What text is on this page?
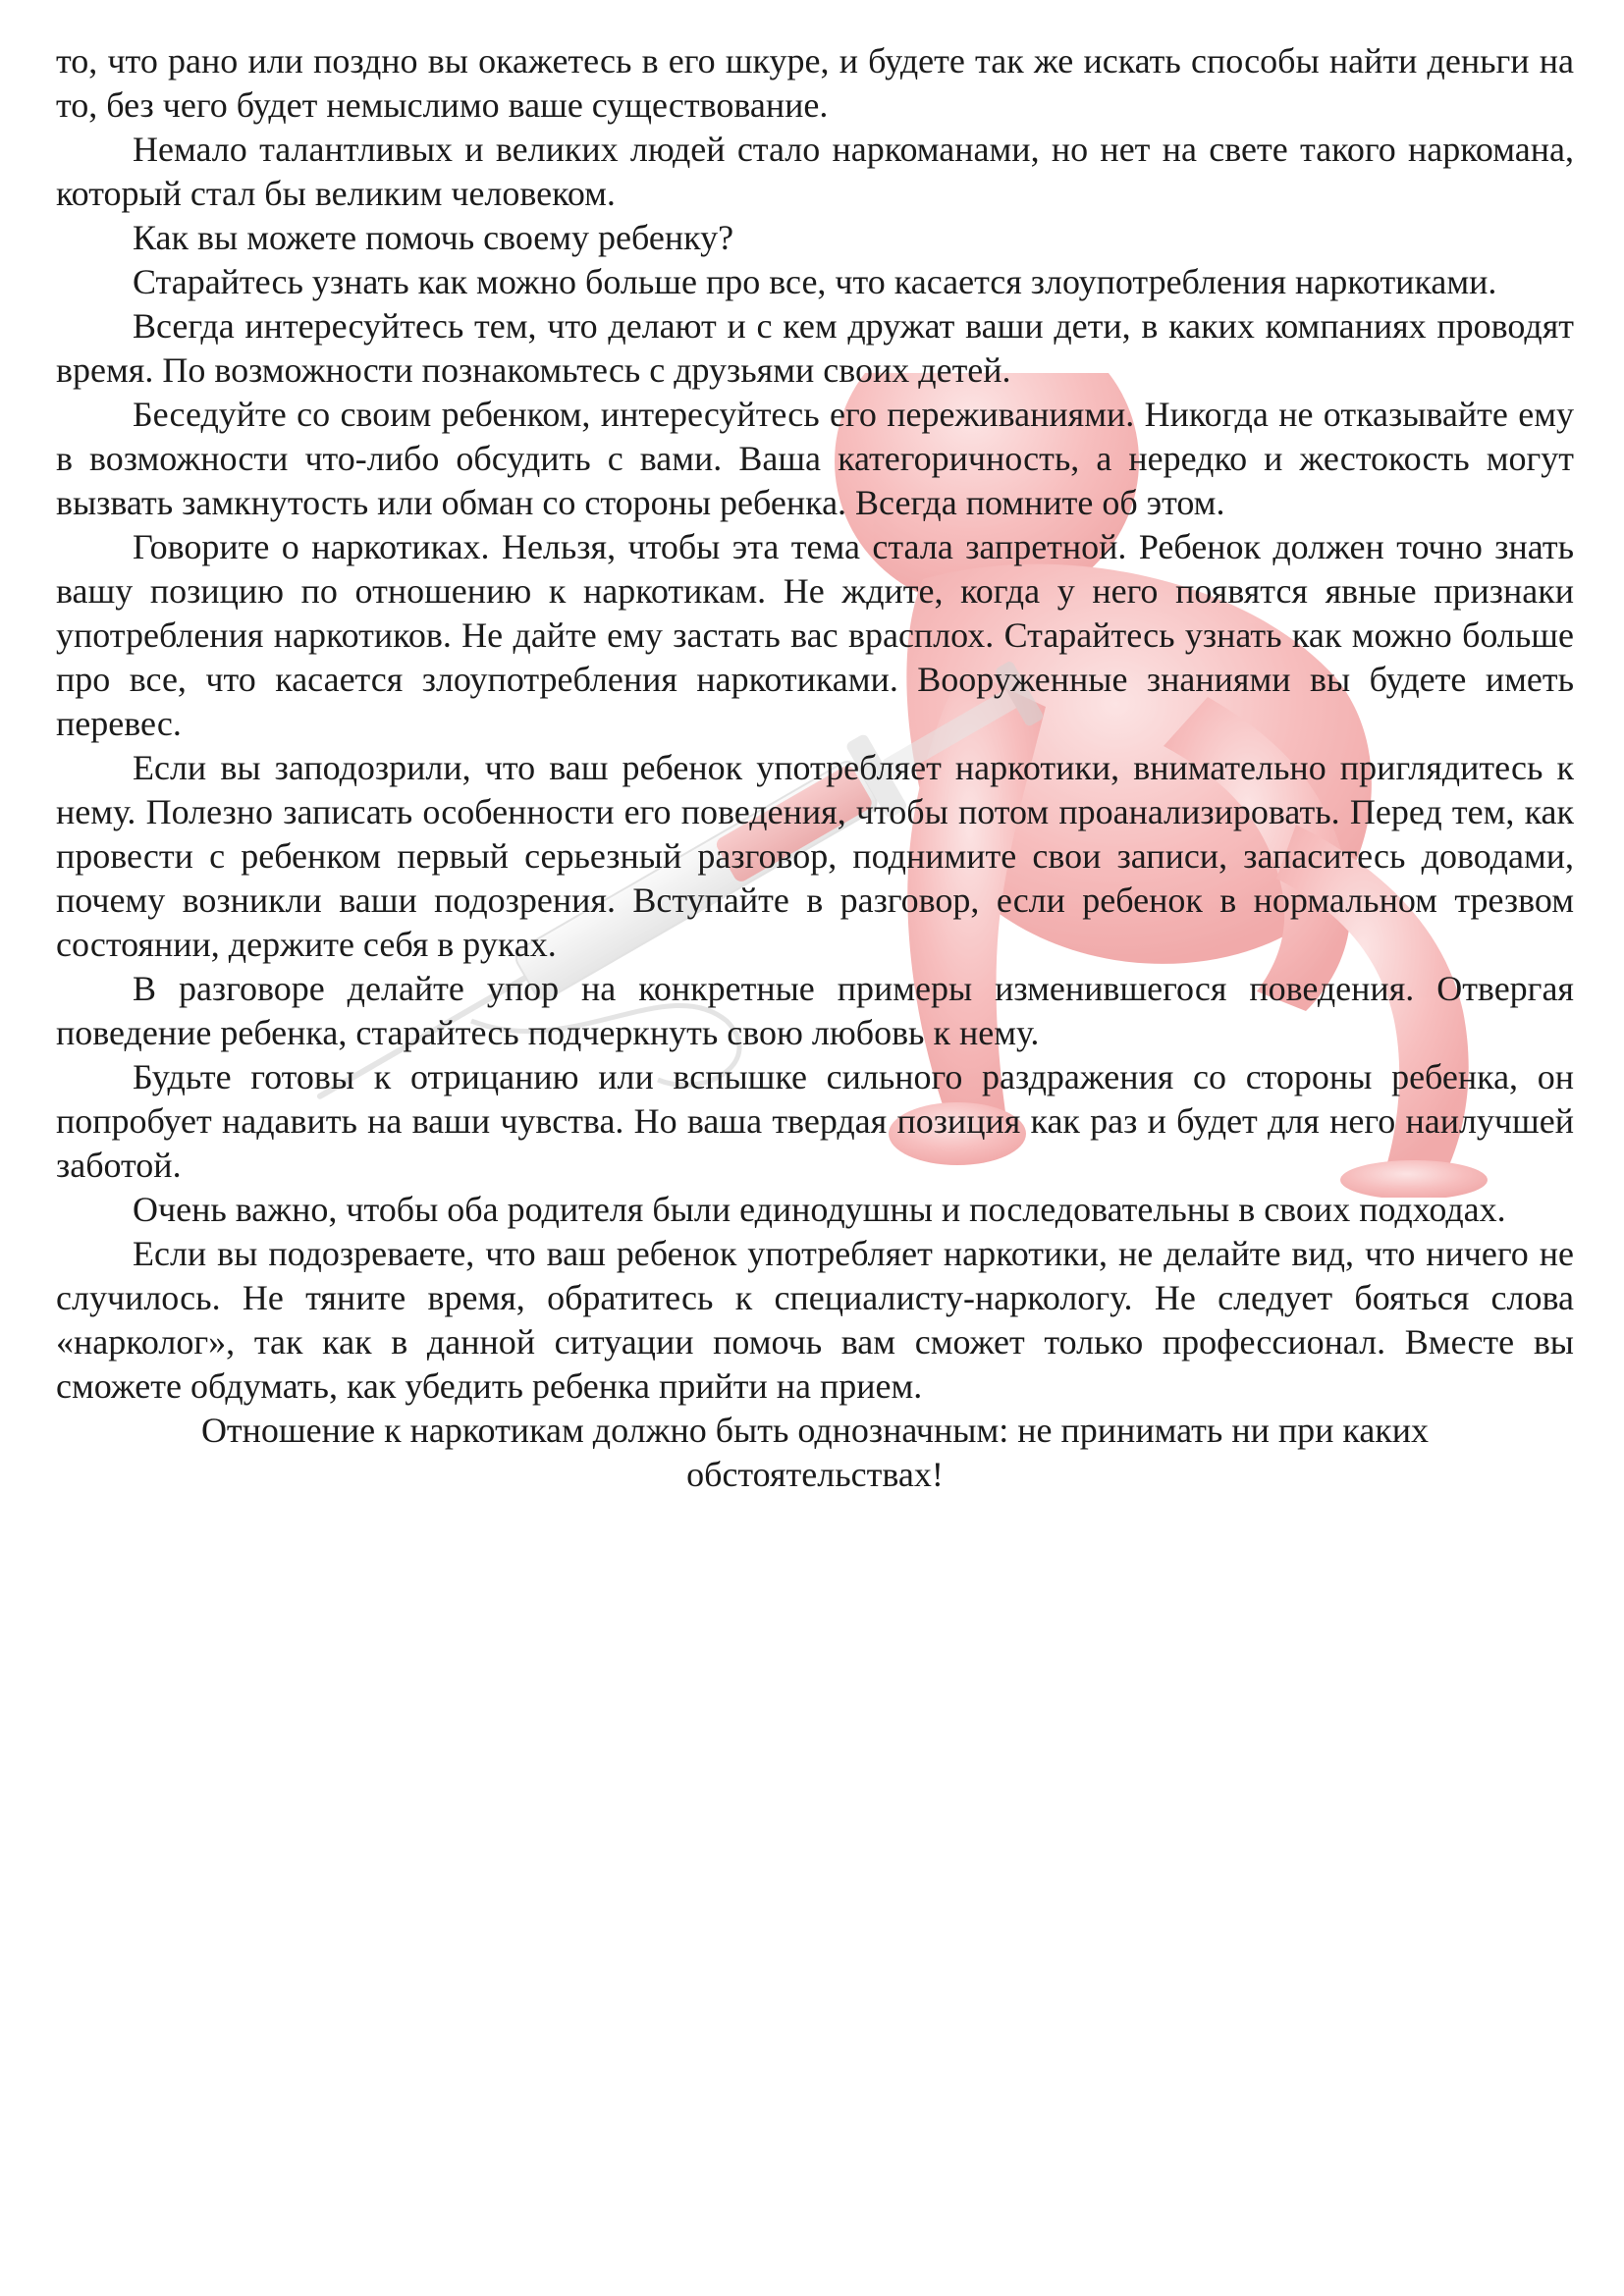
то, что рано или поздно вы окажетесь в его шкуре, и будете так же искать способы найти деньги на то, без чего будет немыслимо ваше существование.

Немало талантливых и великих людей стало наркоманами, но нет на свете такого наркомана, который стал бы великим человеком.

Как вы можете помочь своему ребенку?

Старайтесь узнать как можно больше про все, что касается злоупотребления наркотиками.

Всегда интересуйтесь тем, что делают и с кем дружат ваши дети, в каких компаниях проводят время. По возможности познакомьтесь с друзьями своих детей.

Беседуйте со своим ребенком, интересуйтесь его переживаниями. Никогда не отказывайте ему в возможности что-либо обсудить с вами. Ваша категоричность, а нередко и жестокость могут вызвать замкнутость или обман со стороны ребенка. Всегда помните об этом.

Говорите о наркотиках. Нельзя, чтобы эта тема стала запретной. Ребенок должен точно знать вашу позицию по отношению к наркотикам. Не ждите, когда у него появятся явные признаки употребления наркотиков. Не дайте ему застать вас врасплох. Старайтесь узнать как можно больше про все, что касается злоупотребления наркотиками. Вооруженные знаниями вы будете иметь перевес.

Если вы заподозрили, что ваш ребенок употребляет наркотики, внимательно приглядитесь к нему. Полезно записать особенности его поведения, чтобы потом проанализировать. Перед тем, как провести с ребенком первый серьезный разговор, поднимите свои записи, запаситесь доводами, почему возникли ваши подозрения. Вступайте в разговор, если ребенок в нормальном трезвом состоянии, держите себя в руках.

В разговоре делайте упор на конкретные примеры изменившегося поведения. Отвергая поведение ребенка, старайтесь подчеркнуть свою любовь к нему.

Будьте готовы к отрицанию или вспышке сильного раздражения со стороны ребенка, он попробует надавить на ваши чувства. Но ваша твердая позиция как раз и будет для него наилучшей заботой.

Очень важно, чтобы оба родителя были единодушны и последовательны в своих подходах.

Если вы подозреваете, что ваш ребенок употребляет наркотики, не делайте вид, что ничего не случилось. Не тяните время, обратитесь к специалисту-наркологу. Не следует бояться слова «нарколог», так как в данной ситуации помочь вам сможет только профессионал. Вместе вы сможете обдумать, как убедить ребенка прийти на прием.

Отношение к наркотикам должно быть однозначным: не принимать ни при каких обстоятельствах!
